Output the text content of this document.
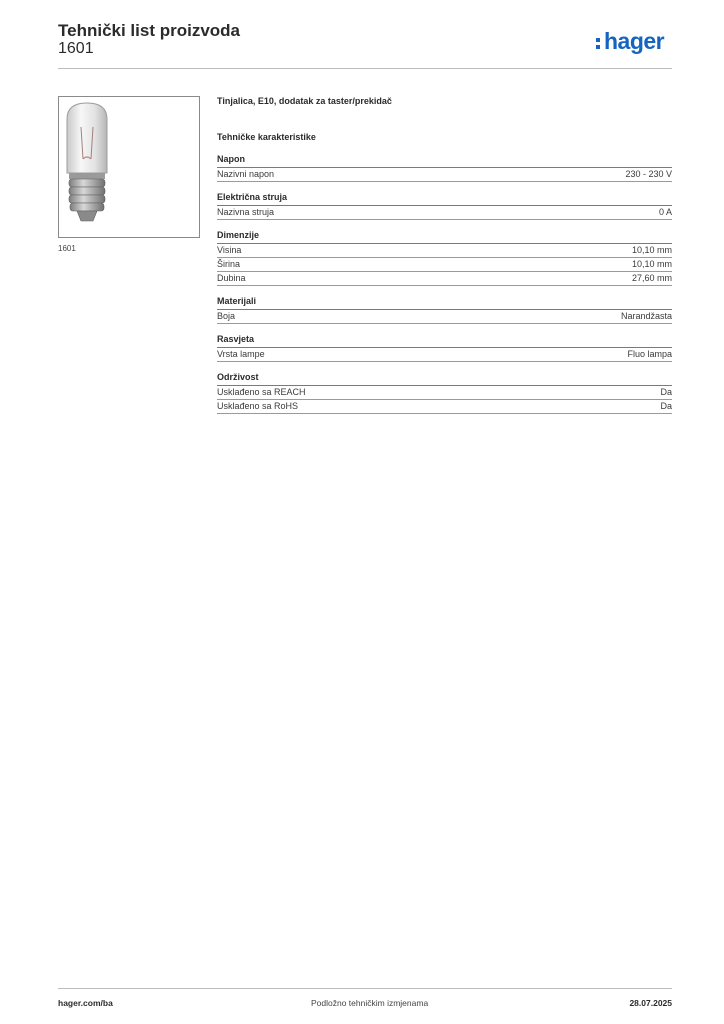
Tehnički list proizvoda
1601	hager
1601
Tinjalica, E10, dodatak za taster/prekidač
Tehničke karakteristike
Napon
Nazivni napon	230 - 230 V
Električna struja
Nazivna struja	0 A
Dimenzije
Visina	10,10 mm
Širina	10,10 mm
Dubina	27,60 mm
Materijali
Boja	Narandžasta
Rasvjeta
Vrsta lampe	Fluo lampa
Održivost
Usklađeno sa REACH	Da
Usklađeno sa RoHS	Da
hager.com/ba	Podložno tehničkim izmjenama	28.07.2025
